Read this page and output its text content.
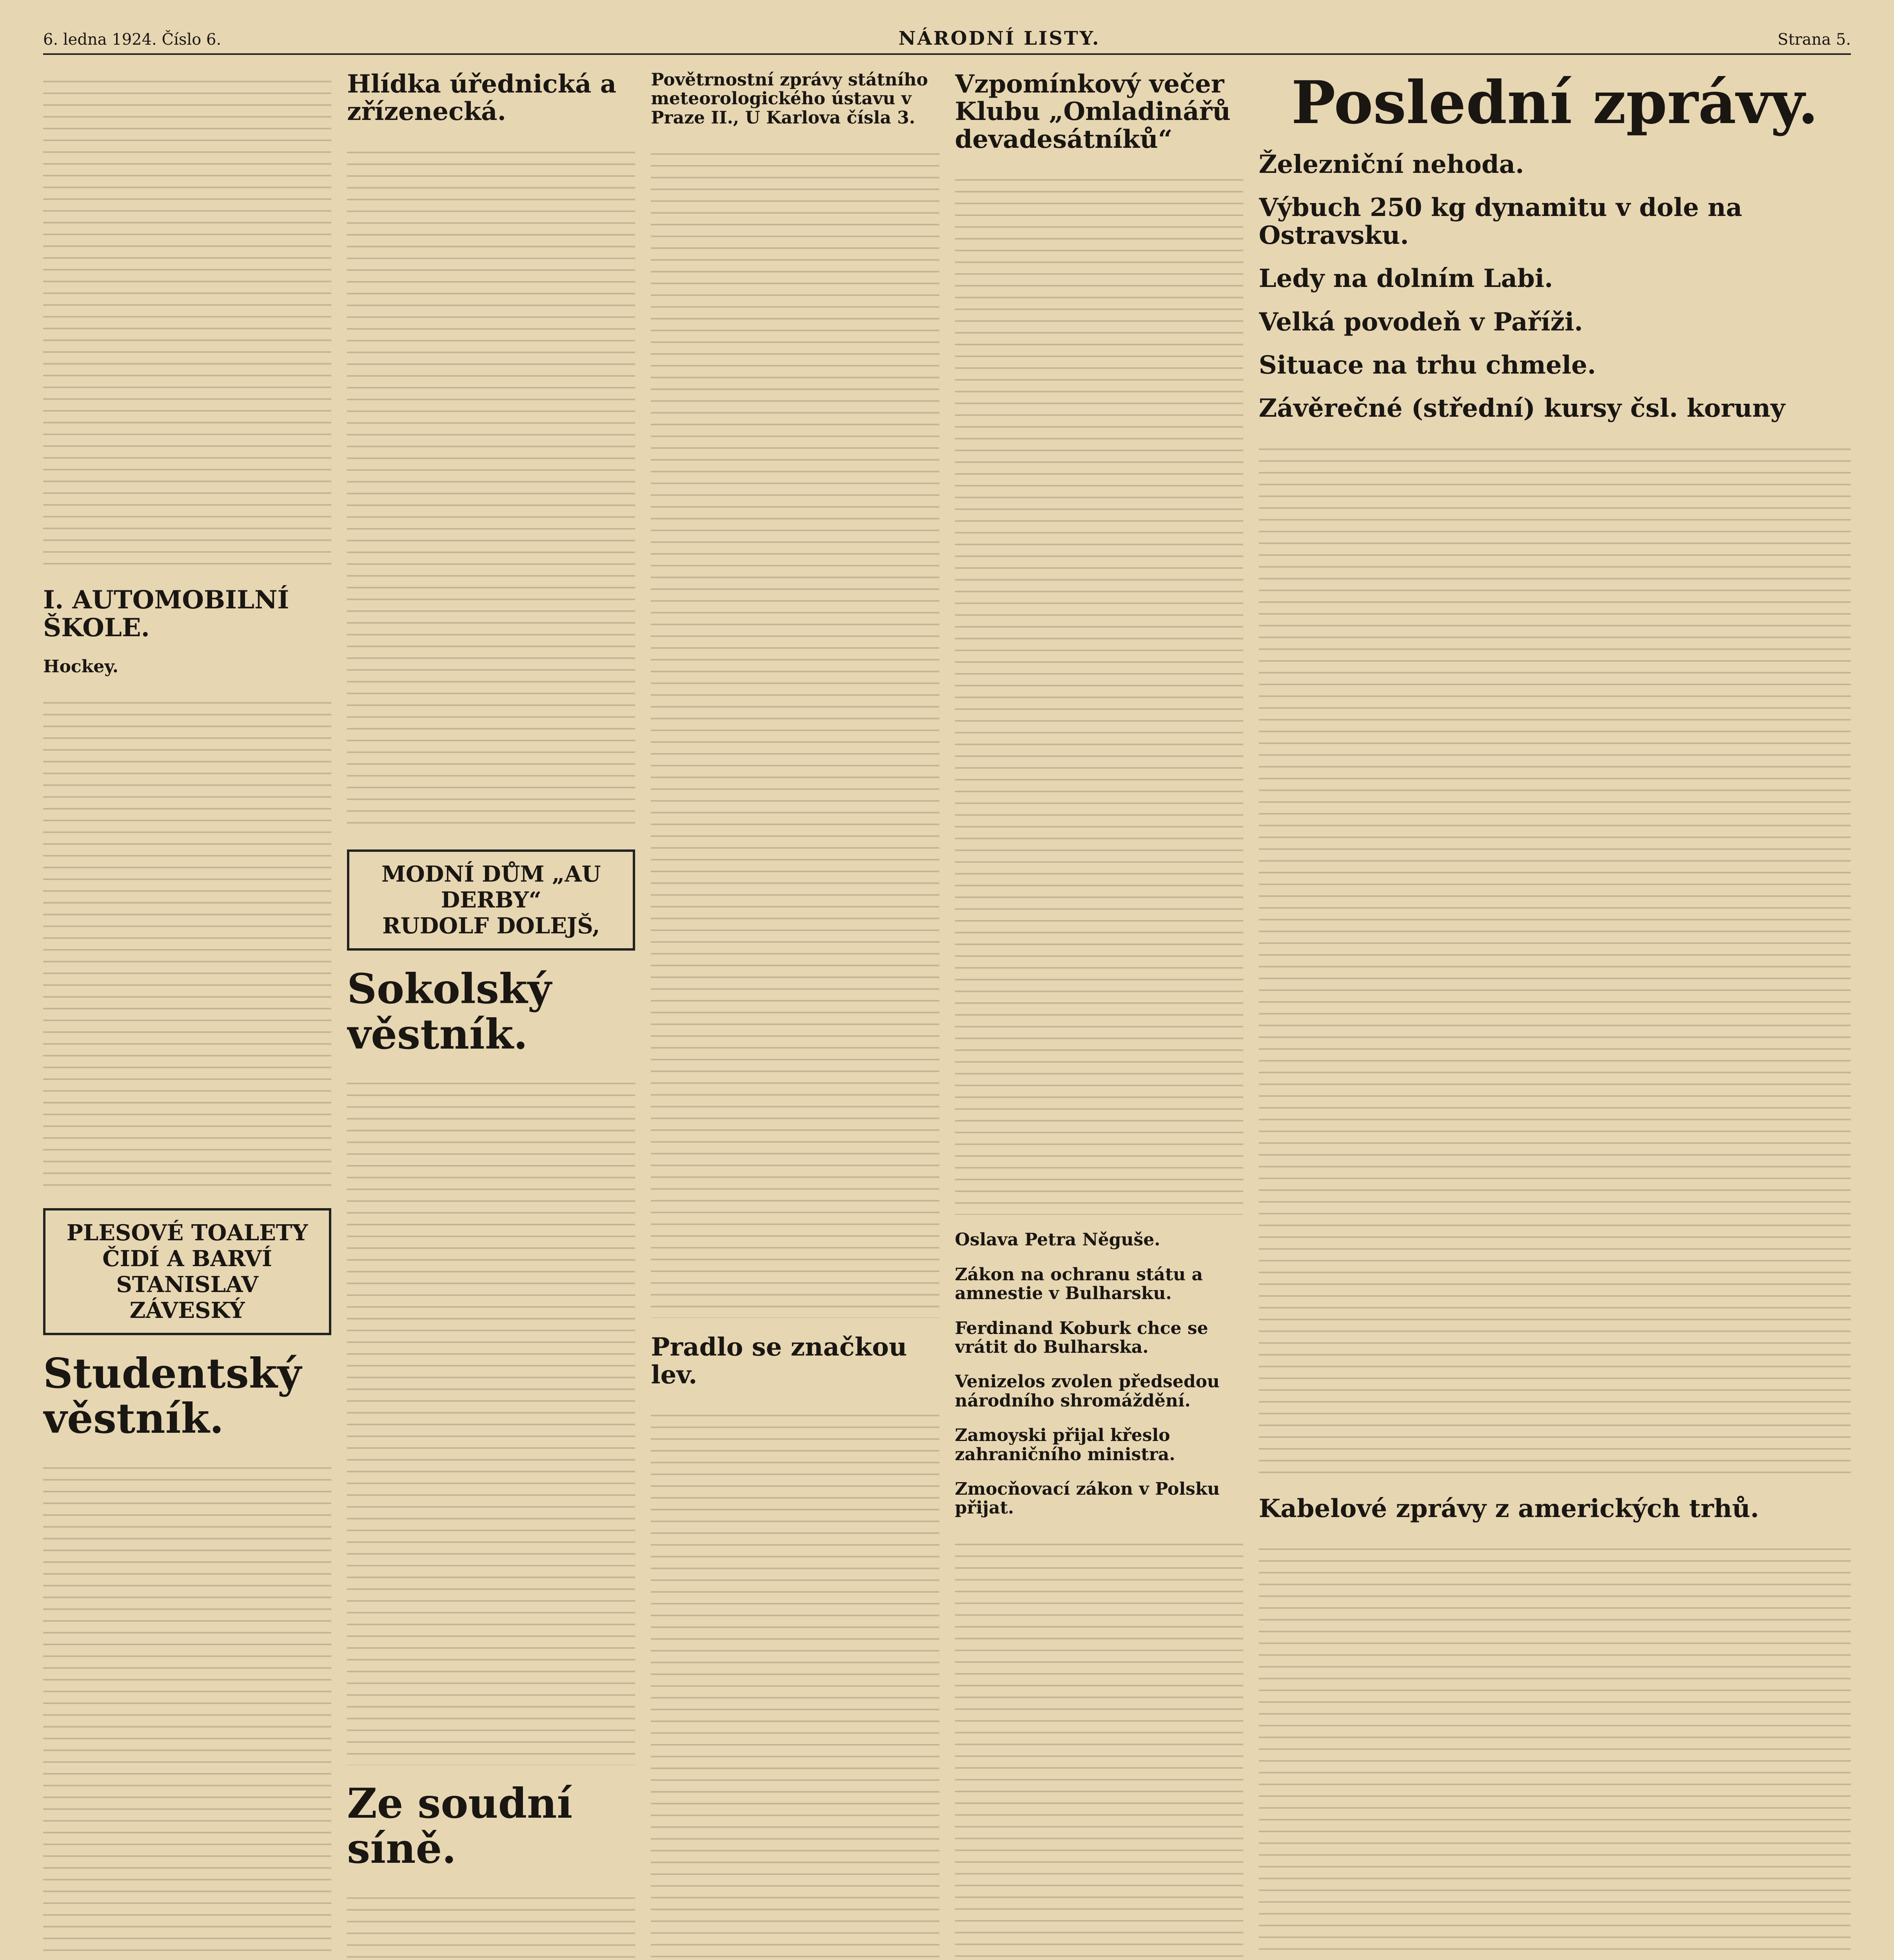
6. ledna 1924. Číslo 6.	NÁRODNÍ LISTY.	Strana 5.
I. AUTOMOBILNÍ ŠKOLE.
Hockey.
PLESOVÉ TOALETY
ČIDÍ A BARVÍ
STANISLAV ZÁVESKÝ
Studentský věstník.
Hlídka úřednická a zřízenecká.
MODNÍ DŮM „AU DERBY“
RUDOLF DOLEJŠ,
Sokolský věstník.
Ze soudní síně.
Povětrnostní zprávy státního meteorologického ústavu v Praze II., U Karlova čísla 3.
Pradlo se značkou lev.
Vzpomínkový večer Klubu „Omladinářů devadesátníků“
Oslava Petra Něguše.
Zákon na ochranu státu a amnestie v Bulharsku.
Ferdinand Koburk chce se vrátit do Bulharska.
Venizelos zvolen předsedou národního shromáždění.
Zamoyski přijal křeslo zahraničního ministra.
Zmocňovací zákon v Polsku přijat.
Poslední zprávy.
Železniční nehoda.
Výbuch 250 kg dynamitu v dole na Ostravsku.
Ledy na dolním Labi.
Velká povodeň v Paříži.
Situace na trhu chmele.
Závěrečné (střední) kursy čsl. koruny
Kabelové zprávy z amerických trhů.
